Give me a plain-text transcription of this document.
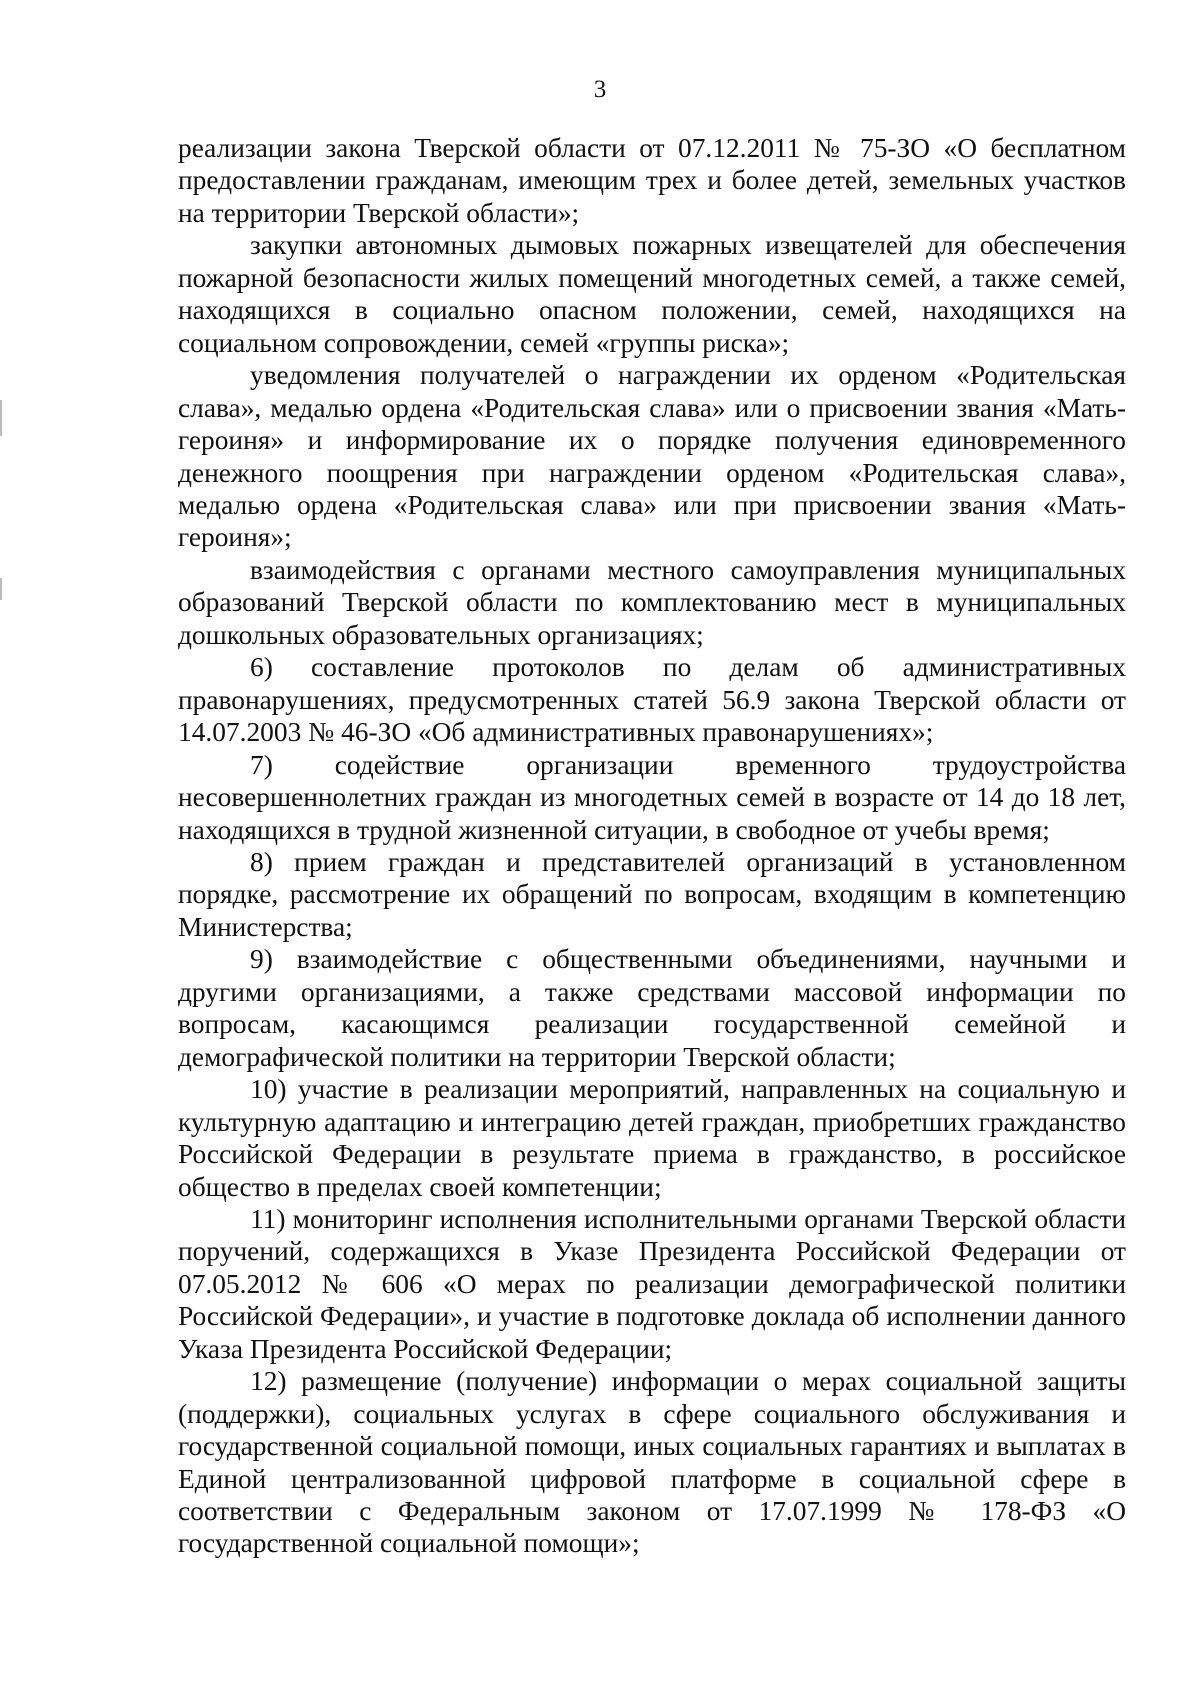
3

реализации закона Тверской области от 07.12.2011 № 75-ЗО «О бесплатном предоставлении гражданам, имеющим трех и более детей, земельных участков на территории Тверской области»;

закупки автономных дымовых пожарных извещателей для обеспечения пожарной безопасности жилых помещений многодетных семей, а также семей, находящихся в социально опасном положении, семей, находящихся на социальном сопровождении, семей «группы риска»;

уведомления получателей о награждении их орденом «Родительская слава», медалью ордена «Родительская слава» или о присвоении звания «Мать-героиня» и информирование их о порядке получения единовременного денежного поощрения при награждении орденом «Родительская слава», медалью ордена «Родительская слава» или при присвоении звания «Мать-героиня»;

взаимодействия с органами местного самоуправления муниципальных образований Тверской области по комплектованию мест в муниципальных дошкольных образовательных организациях;

6) составление протоколов по делам об административных правонарушениях, предусмотренных статей 56.9 закона Тверской области от 14.07.2003 № 46-ЗО «Об административных правонарушениях»;

7) содействие организации временного трудоустройства несовершеннолетних граждан из многодетных семей в возрасте от 14 до 18 лет, находящихся в трудной жизненной ситуации, в свободное от учебы время;

8) прием граждан и представителей организаций в установленном порядке, рассмотрение их обращений по вопросам, входящим в компетенцию Министерства;

9) взаимодействие с общественными объединениями, научными и другими организациями, а также средствами массовой информации по вопросам, касающимся реализации государственной семейной и демографической политики на территории Тверской области;

10) участие в реализации мероприятий, направленных на социальную и культурную адаптацию и интеграцию детей граждан, приобретших гражданство Российской Федерации в результате приема в гражданство, в российское общество в пределах своей компетенции;

11) мониторинг исполнения исполнительными органами Тверской области поручений, содержащихся в Указе Президента Российской Федерации от 07.05.2012 № 606 «О мерах по реализации демографической политики Российской Федерации», и участие в подготовке доклада об исполнении данного Указа Президента Российской Федерации;

12) размещение (получение) информации о мерах социальной защиты (поддержки), социальных услугах в сфере социального обслуживания и государственной социальной помощи, иных социальных гарантиях и выплатах в Единой централизованной цифровой платформе в социальной сфере в соответствии с Федеральным законом от 17.07.1999 № 178-ФЗ «О государственной социальной помощи»;
